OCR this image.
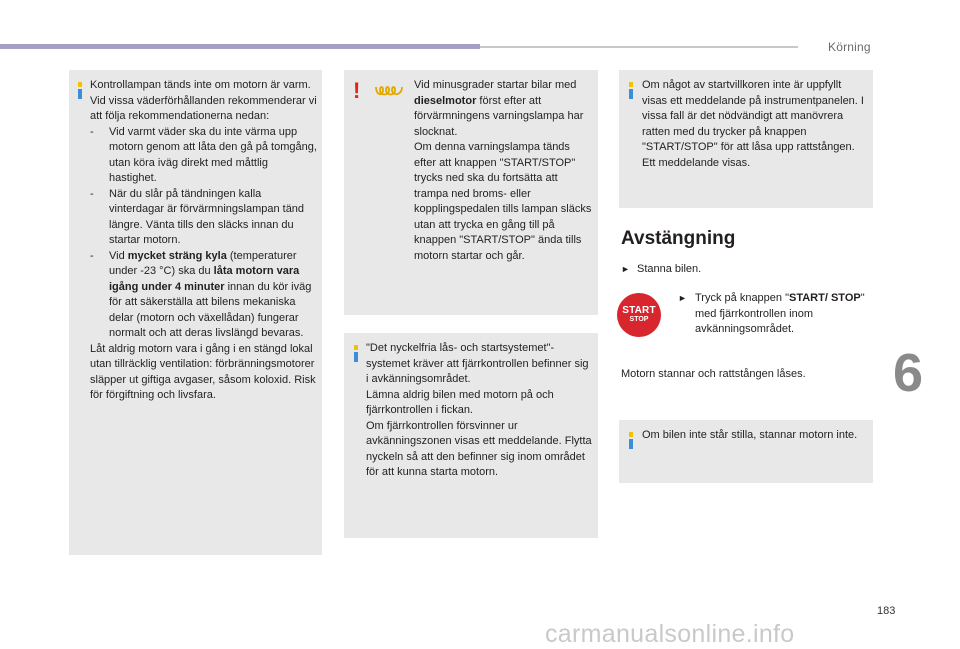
Körning
6
183

Kontrollampan tänds inte om motorn är varm. Vid vissa väderförhållanden rekommenderar vi att följa rekommendationerna nedan:

- Vid varmt väder ska du inte värma upp motorn genom att låta den gå på tomgång, utan köra iväg direkt med måttlig hastighet.
- När du slår på tändningen kalla vinterdagar är förvärmningslampan tänd längre. Vänta tills den släcks innan du startar motorn.
- Vid mycket sträng kyla (temperaturer under -23 °C) ska du låta motorn vara igång under 4 minuter innan du kör iväg för att säkerställa att bilens mekaniska delar (motorn och växellådan) fungerar normalt och att deras livslängd bevaras.

Låt aldrig motorn vara i gång i en stängd lokal utan tillräcklig ventilation: förbränningsmotorer släpper ut giftiga avgaser, såsom koloxid. Risk för förgiftning och livsfara.

!	Vid minusgrader startar bilar med dieselmotor först efter att förvärmningens varningslampa har slocknat.

Om denna varningslampa tänds efter att knappen "START/STOP" trycks ned ska du fortsätta att trampa ned broms- eller kopplingspedalen tills lampan släcks utan att trycka en gång till på knappen "START/STOP" ända tills motorn startar och går.

"Det nyckelfria lås- och startsystemet"-systemet kräver att fjärrkontrollen befinner sig i avkänningsområdet.

Lämna aldrig bilen med motorn på och fjärrkontrollen i fickan.

Om fjärrkontrollen försvinner ur avkänningszonen visas ett meddelande. Flytta nyckeln så att den befinner sig inom området för att kunna starta motorn.

Om något av startvillkoren inte är uppfyllt visas ett meddelande på instrumentpanelen. I vissa fall är det nödvändigt att manövrera ratten med du trycker på knappen "START/STOP" för att låsa upp rattstången. Ett meddelande visas.

Avstängning
► Stanna bilen.
START
STOP
► Tryck på knappen "START/ STOP" med fjärrkontrollen inom avkänningsområdet.
Motorn stannar och rattstången låses.

Om bilen inte står stilla, stannar motorn inte.

carmanualsonline.info
